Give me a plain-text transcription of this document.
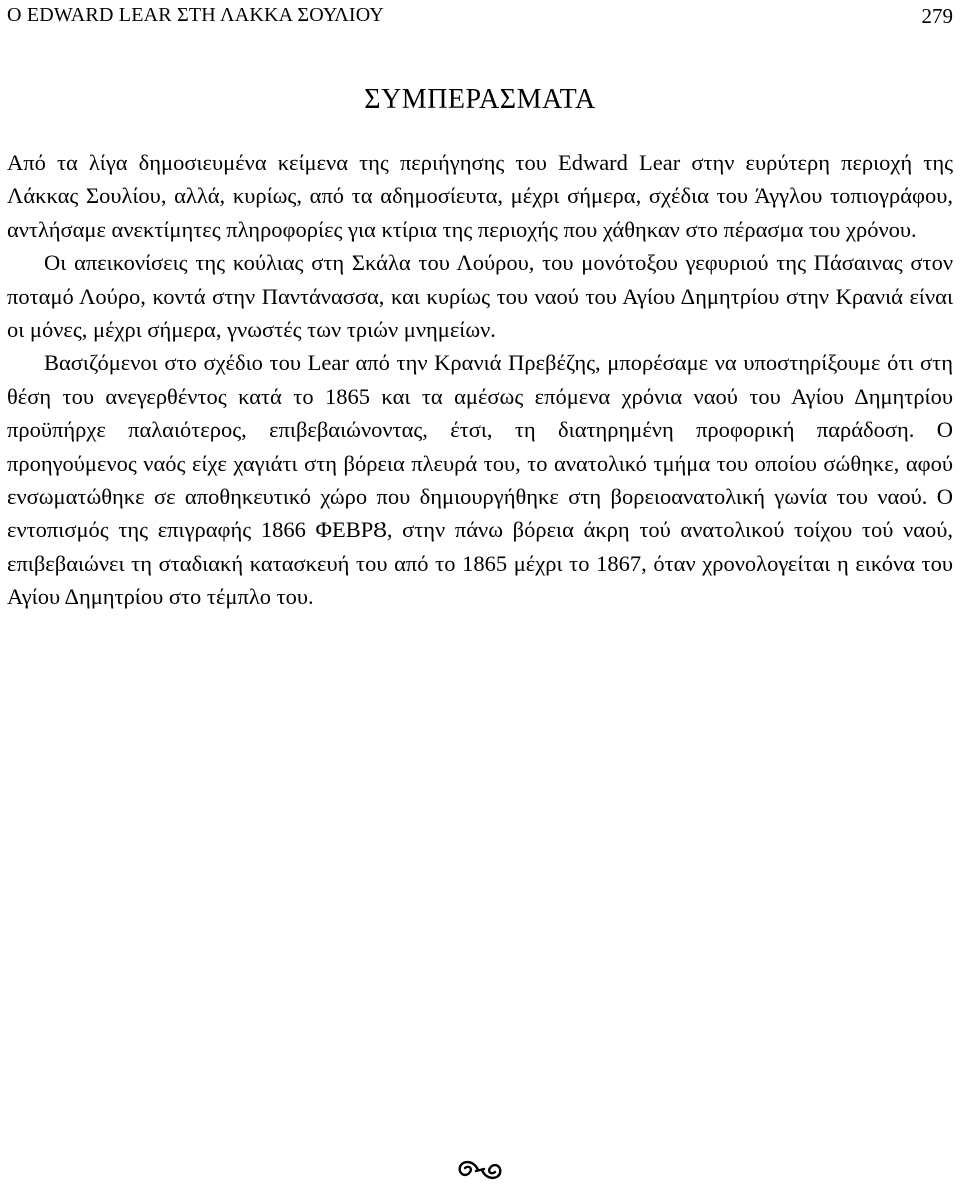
O EDWARD LEAR ΣΤΗ ΛΑΚΚΑ ΣΟΥΛΙΟΥ	279
ΣΥΜΠΕΡΑΣΜΑΤΑ

Από τα λίγα δημοσιευμένα κείμενα της περιήγησης του Edward Lear στην ευρύτερη περιοχή της Λάκκας Σουλίου, αλλά, κυρίως, από τα αδημοσίευτα, μέχρι σήμερα, σχέδια του Άγγλου τοπιογράφου, αντλήσαμε ανεκτίμητες πληροφορίες για κτίρια της περιοχής που χάθηκαν στο πέρασμα του χρόνου.

Οι απεικονίσεις της κούλιας στη Σκάλα του Λούρου, του μονότοξου γεφυριού της Πάσαινας στον ποταμό Λούρο, κοντά στην Παντάνασσα, και κυρίως του ναού του Αγίου Δημητρίου στην Κρανιά είναι οι μόνες, μέχρι σήμερα, γνωστές των τριών μνημείων.

Βασιζόμενοι στο σχέδιο του Lear από την Κρανιά Πρεβέζης, μπορέσαμε να υποστηρίξουμε ότι στη θέση του ανεγερθέντος κατά το 1865 και τα αμέσως επόμενα χρόνια ναού του Αγίου Δημητρίου προϋπήρχε παλαιότερος, επιβεβαιώνοντας, έτσι, τη διατηρημένη προφορική παράδοση. Ο προηγούμενος ναός είχε χαγιάτι στη βόρεια πλευρά του, το ανατολικό τμήμα του οποίου σώθηκε, αφού ενσωματώθηκε σε αποθηκευτικό χώρο που δημιουργήθηκε στη βορειοανατολική γωνία του ναού. Ο εντοπισμός της επιγραφής 1866 ΦΕΒΡȢ, στην πάνω βόρεια άκρη τού ανατολικού τοίχου τού ναού, επιβεβαιώνει τη σταδιακή κατασκευή του από το 1865 μέχρι το 1867, όταν χρονολογείται η εικόνα του Αγίου Δημητρίου στο τέμπλο του.
